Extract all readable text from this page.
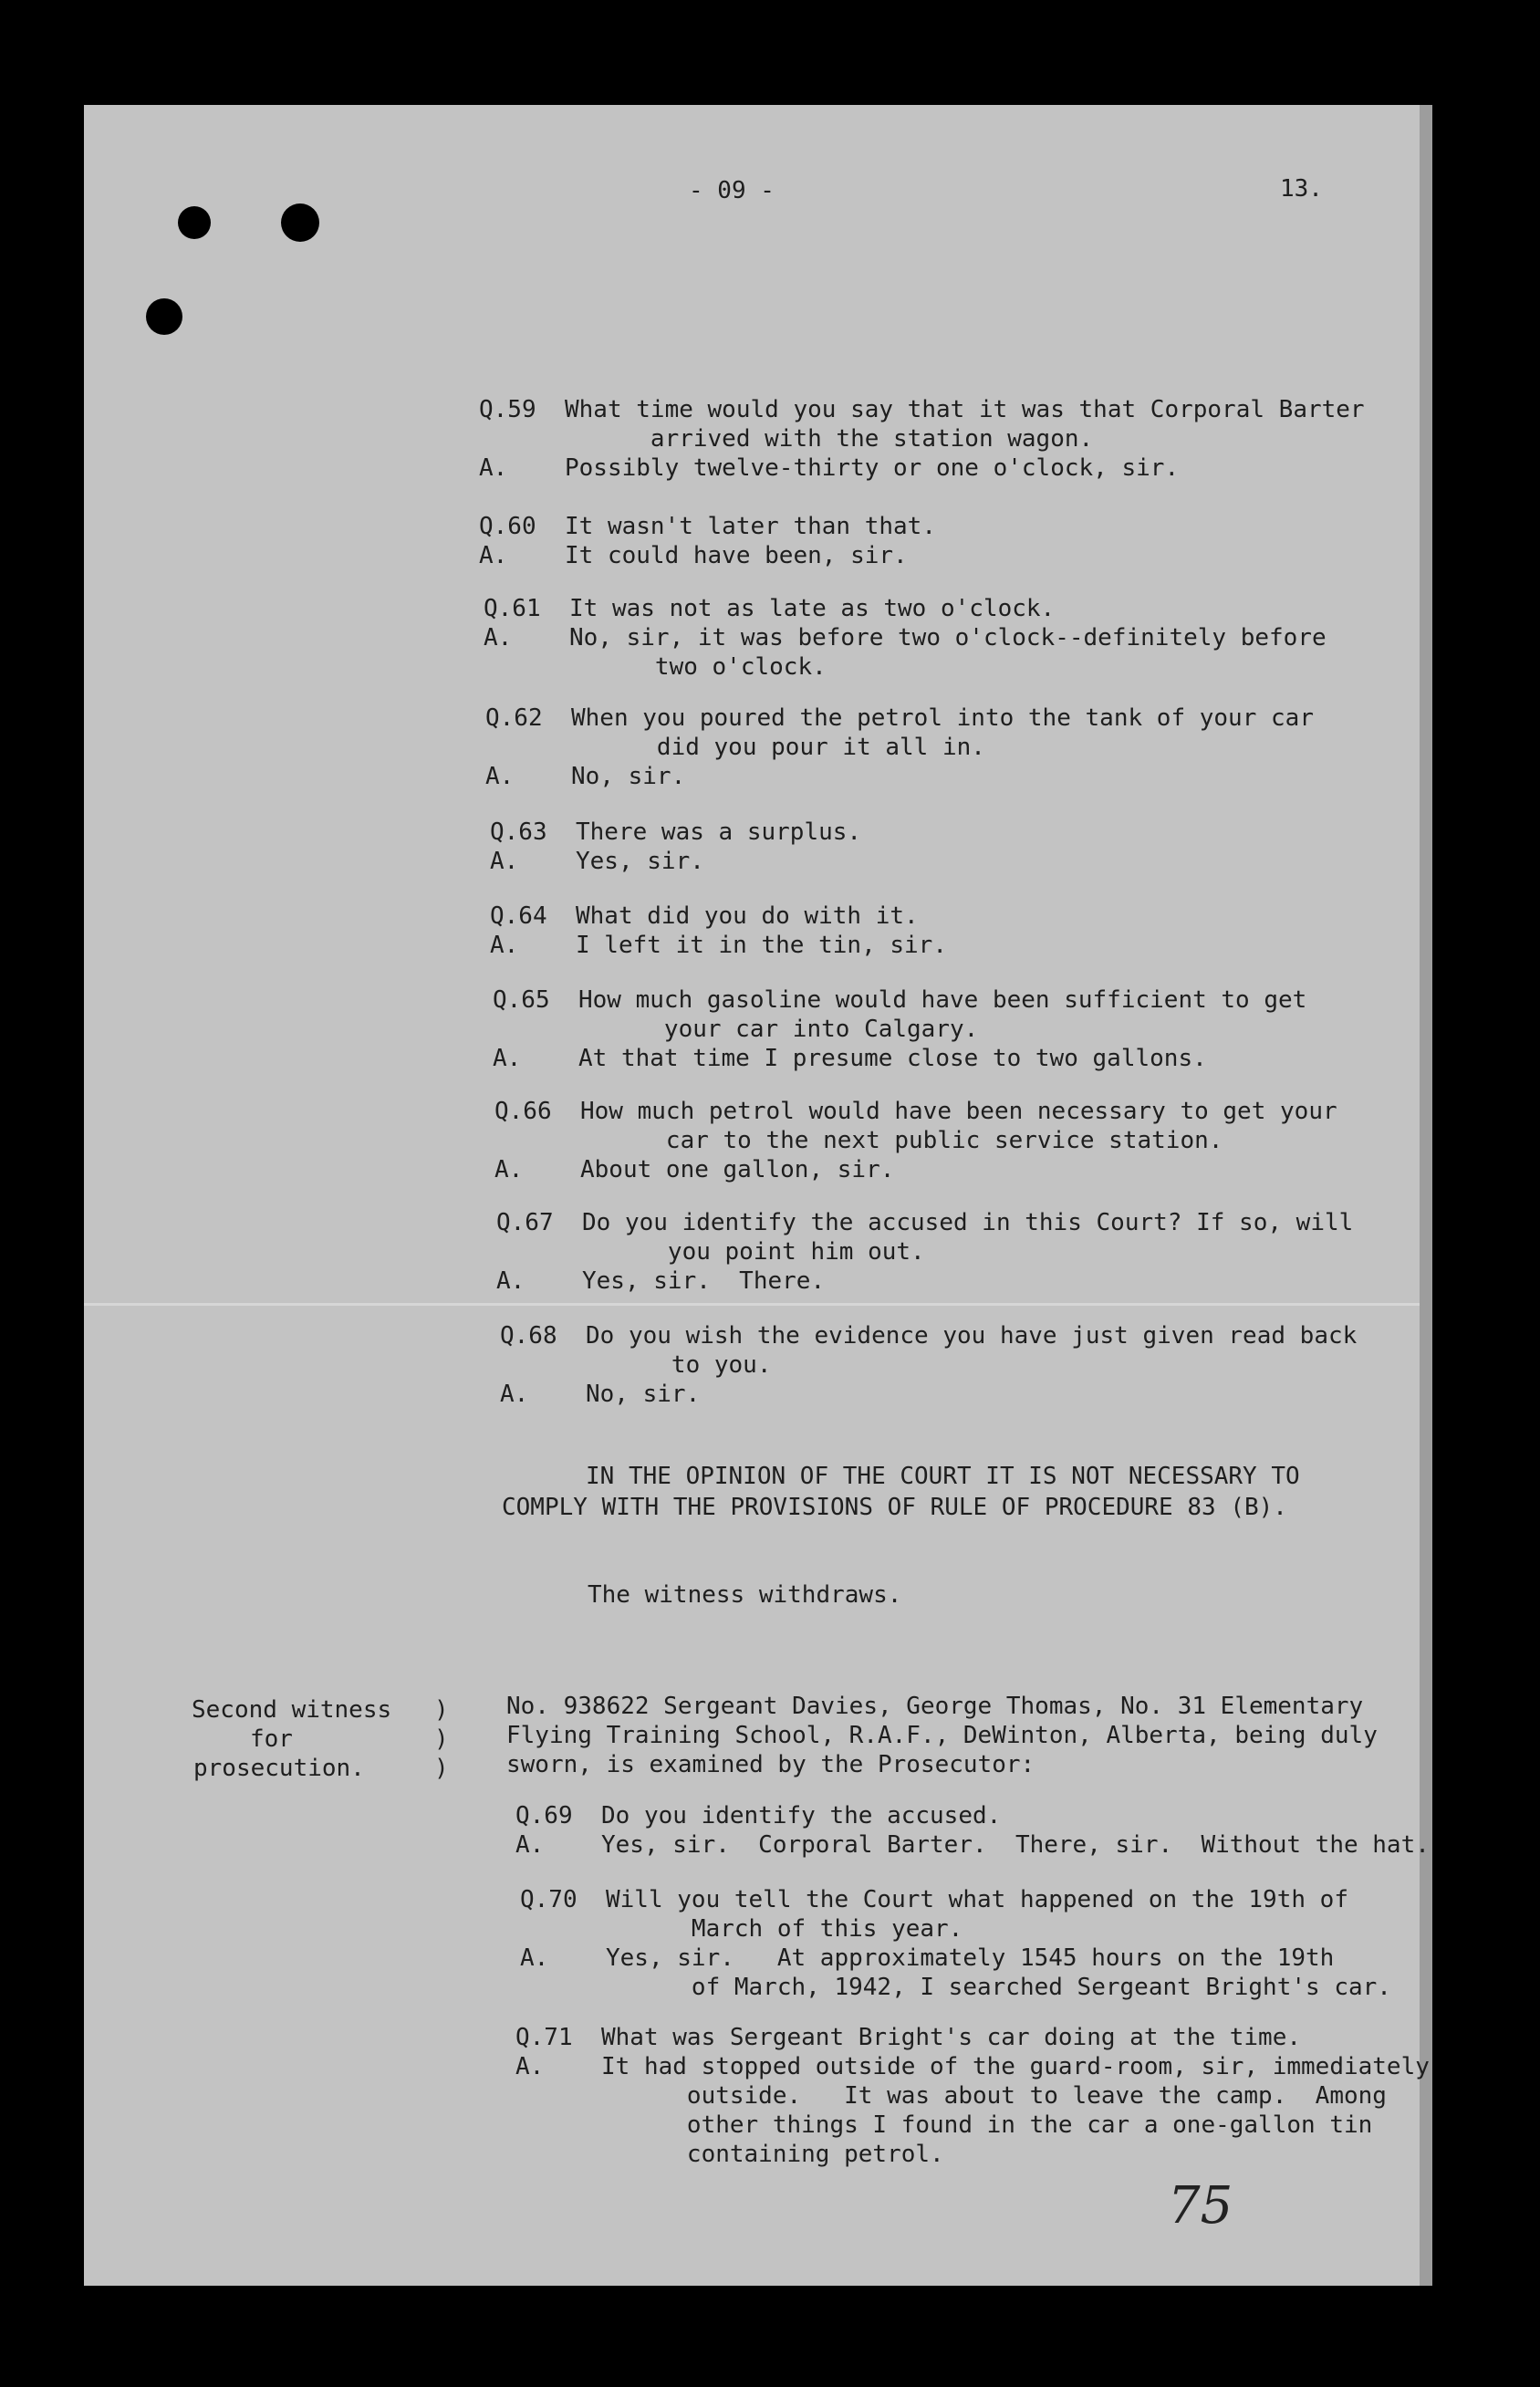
- 09 -	13.
Q.59 What time would you say that it was that Corporal Barter
arrived with the station wagon.
A. Possibly twelve-thirty or one o'clock, sir.
Q.60 It wasn't later than that.
A. It could have been, sir.
Q.61 It was not as late as two o'clock.
A. No, sir, it was before two o'clock--definitely before
two o'clock.
Q.62 When you poured the petrol into the tank of your car
did you pour it all in.
A. No, sir.
Q.63 There was a surplus.
A. Yes, sir.
Q.64 What did you do with it.
A. I left it in the tin, sir.
Q.65 How much gasoline would have been sufficient to get
your car into Calgary.
A. At that time I presume close to two gallons.
Q.66 How much petrol would have been necessary to get your
car to the next public service station.
A. About one gallon, sir.
Q.67 Do you identify the accused in this Court? If so, will
you point him out.
A. Yes, sir.  There.
Q.68 Do you wish the evidence you have just given read back
to you.
A. No, sir.
IN THE OPINION OF THE COURT IT IS NOT NECESSARY TO
COMPLY WITH THE PROVISIONS OF RULE OF PROCEDURE 83 (B).
The witness withdraws.
Second witness
for
prosecution.
)
)
)
No. 938622 Sergeant Davies, George Thomas, No. 31 Elementary
Flying Training School, R.A.F., DeWinton, Alberta, being duly
sworn, is examined by the Prosecutor:
Q.69 Do you identify the accused.
A. Yes, sir.  Corporal Barter.  There, sir.  Without the hat.
Q.70 Will you tell the Court what happened on the 19th of
March of this year.
A. Yes, sir.   At approximately 1545 hours on the 19th
of March, 1942, I searched Sergeant Bright's car.
Q.71 What was Sergeant Bright's car doing at the time.
A. It had stopped outside of the guard-room, sir, immediately
outside.   It was about to leave the camp.  Among
other things I found in the car a one-gallon tin
containing petrol.
75
